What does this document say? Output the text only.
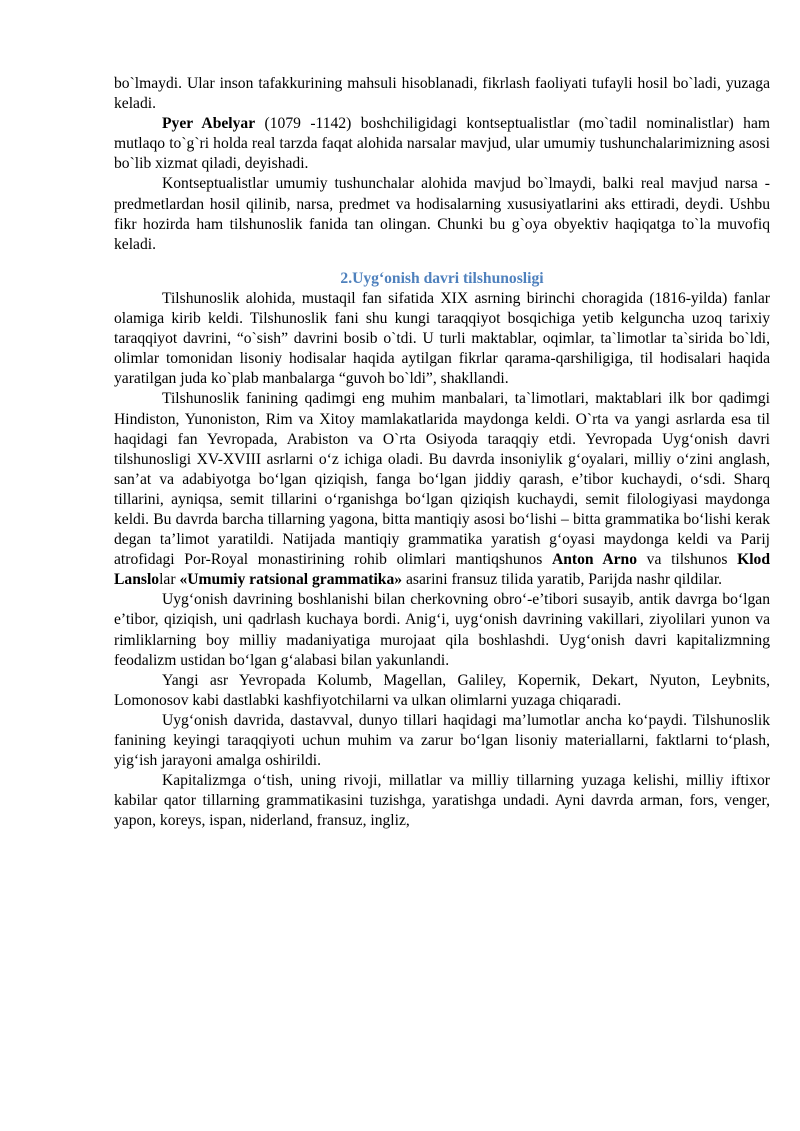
bo`lmaydi. Ular inson tafakkurining mahsuli hisoblanadi, fikrlash faoliyati tufayli hosil bo`ladi, yuzaga keladi.

Pyer Abelyar (1079 -1142) boshchiligidagi kontseptualistlar (mo`tadil nominalistlar) ham mutlaqo to`g`ri holda real tarzda faqat alohida narsalar mavjud, ular umumiy tushunchalarimizning asosi bo`lib xizmat qiladi, deyishadi.

Kontseptualistlar umumiy tushunchalar alohida mavjud bo`lmaydi, balki real mavjud narsa - predmetlardan hosil qilinib, narsa, predmet va hodisalarning xususiyatlarini aks ettiradi, deydi. Ushbu fikr hozirda ham tilshunoslik fanida tan olingan. Chunki bu g`oya obyektiv haqiqatga to`la muvofiq keladi.

2.Uyg‘onish davri tilshunosligi

Tilshunoslik alohida, mustaqil fan sifatida XIX asrning birinchi choragida (1816-yilda) fanlar olamiga kirib keldi. Tilshunoslik fani shu kungi taraqqiyot bosqichiga yetib kelguncha uzoq tarixiy taraqqiyot davrini, “o`sish” davrini bosib o`tdi. U turli maktablar, oqimlar, ta`limotlar ta`sirida bo`ldi, olimlar tomonidan lisoniy hodisalar haqida aytilgan fikrlar qarama-qarshiligiga, til hodisalari haqida yaratilgan juda ko`plab manbalarga “guvoh bo`ldi”, shakllandi.

Tilshunoslik fanining qadimgi eng muhim manbalari, ta`limotlari, maktablari ilk bor qadimgi Hindiston, Yunoniston, Rim va Xitoy mamlakatlarida maydonga keldi. O`rta va yangi asrlarda esa til haqidagi fan Yevropada, Arabiston va O`rta Osiyoda taraqqiy etdi. Yevropada Uyg‘onish davri tilshunosligi XV-XVIII asrlarni o‘z ichiga oladi. Bu davrda insoniylik g‘oyalari, milliy o‘zini anglash, san’at va adabiyotga bo‘lgan qiziqish, fanga bo‘lgan jiddiy qarash, e’tibor kuchaydi, o‘sdi. Sharq tillarini, ayniqsa, semit tillarini o‘rganishga bo‘lgan qiziqish kuchaydi, semit filologiyasi maydonga keldi. Bu davrda barcha tillarning yagona, bitta mantiqiy asosi bo‘lishi – bitta grammatika bo‘lishi kerak degan ta’limot yaratildi. Natijada mantiqiy grammatika yaratish g‘oyasi maydonga keldi va Parij atrofidagi Por-Royal monastirining rohib olimlari mantiqshunos Anton Arno va tilshunos Klod Lanslolar «Umumiy ratsional grammatika» asarini fransuz tilida yaratib, Parijda nashr qildilar.

Uyg‘onish davrining boshlanishi bilan cherkovning obro‘-e’tibori susayib, antik davrga bo‘lgan e’tibor, qiziqish, uni qadrlash kuchaya bordi. Anig‘i, uyg‘onish davrining vakillari, ziyolilari yunon va rimliklarning boy milliy madaniyatiga murojaat qila boshlashdi. Uyg‘onish davri kapitalizmning feodalizm ustidan bo‘lgan g‘alabasi bilan yakunlandi.

Yangi asr Yevropada Kolumb, Magellan, Galiley, Kopernik, Dekart, Nyuton, Leybnits, Lomonosov kabi dastlabki kashfiyotchilarni va ulkan olimlarni yuzaga chiqaradi.

Uyg‘onish davrida, dastavval, dunyo tillari haqidagi ma’lumotlar ancha ko‘paydi. Tilshunoslik fanining keyingi taraqqiyoti uchun muhim va zarur bo‘lgan lisoniy materiallarni, faktlarni to‘plash, yig‘ish jarayoni amalga oshirildi.

Kapitalizmga o‘tish, uning rivoji, millatlar va milliy tillarning yuzaga kelishi, milliy iftixor kabilar qator tillarning grammatikasini tuzishga, yaratishga undadi. Ayni davrda arman, fors, venger, yapon, koreys, ispan, niderland, fransuz, ingliz,
